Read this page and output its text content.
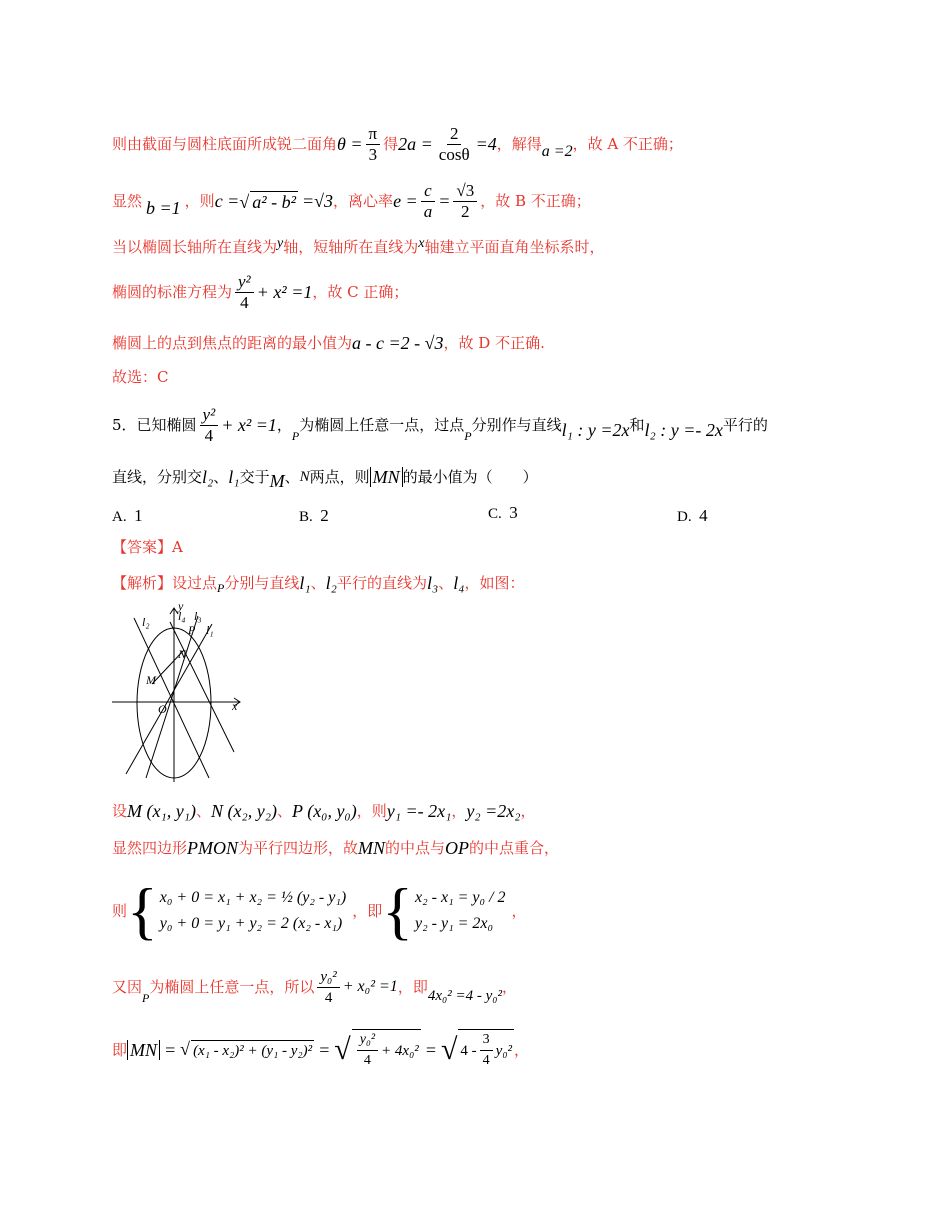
则由截面与圆柱底面所成锐二面角 $\theta = \frac{\pi}{3}$ 得 $2a = \frac{2}{\cos\theta} =4$ ，解得 a =2 ，故 A 不正确；
显然 b =1 ，则 c = √ a² - b² =√3 ，离心率 $e = \frac{c}{a} = \frac{√3}{2}$ ，故 B 不正确；
当以椭圆长轴所在直线为 y 轴，短轴所在直线为 x 轴建立平面直角坐标系时，
椭圆的标准方程为 $\frac{\text{y²}}{4} + x^2 =1$ ，故 C 正确；
椭圆上的点到焦点的距离的最小值为 a - c =2 - √3 ，故 D 不正确.
故选：C
5．已知椭圆 $\frac{\text{y²}}{4} + x^2 =1$ ，
P
为椭圆上任意一点，过点
P
分别作与直线 l₁ : y =2x 和 l₂ : y =- 2x 平行的
直线，分别交 l₂ 、 l₁ 交于 M 、 N 两点，则 MN 的最小值为（　　）
A. 1	B. 2	C. 3	D. 4
【答案】 A
【解析】 设过点 P 分别与直线 l₁ 、 l₂ 平行的直线为 l₃ 、 l₄ ，如图：
y
x
O
M
N
P
l₂ l₄ l₃
l₁
设 M (x₁, y₁) 、 N (x₂, y₂) 、 P (x₀, y₀) ，则 y₁ =- 2x₁ ， y₂ =2x₂ ，
显然四边形 PMON 为平行四边形，故 MN 的中点与 OP 的中点重合，
则 { x₀ + 0 = x₁ + x₂ = ½ (y₂ - y₁)
y₀ + 0 = y₁ + y₂ = 2 (x₂ - x₁)
，即 { x₂ - x₁ = y₀ / 2
y₂ - y₁ = 2x₀
，
又因
P
为椭圆上任意一点，所以 $\frac{\text{y₀²}}{4} + x_0^2 =1$ ，即 4x₀² =4 - y₀² ，
即 MN = √ (x₁ - x₂)² + (y₁ - y₂)² = √ $\frac{\text{y₀²}}{4} + 4x_0^2$ = √ $4 - \frac{3}{4} y_0^2$ ，
